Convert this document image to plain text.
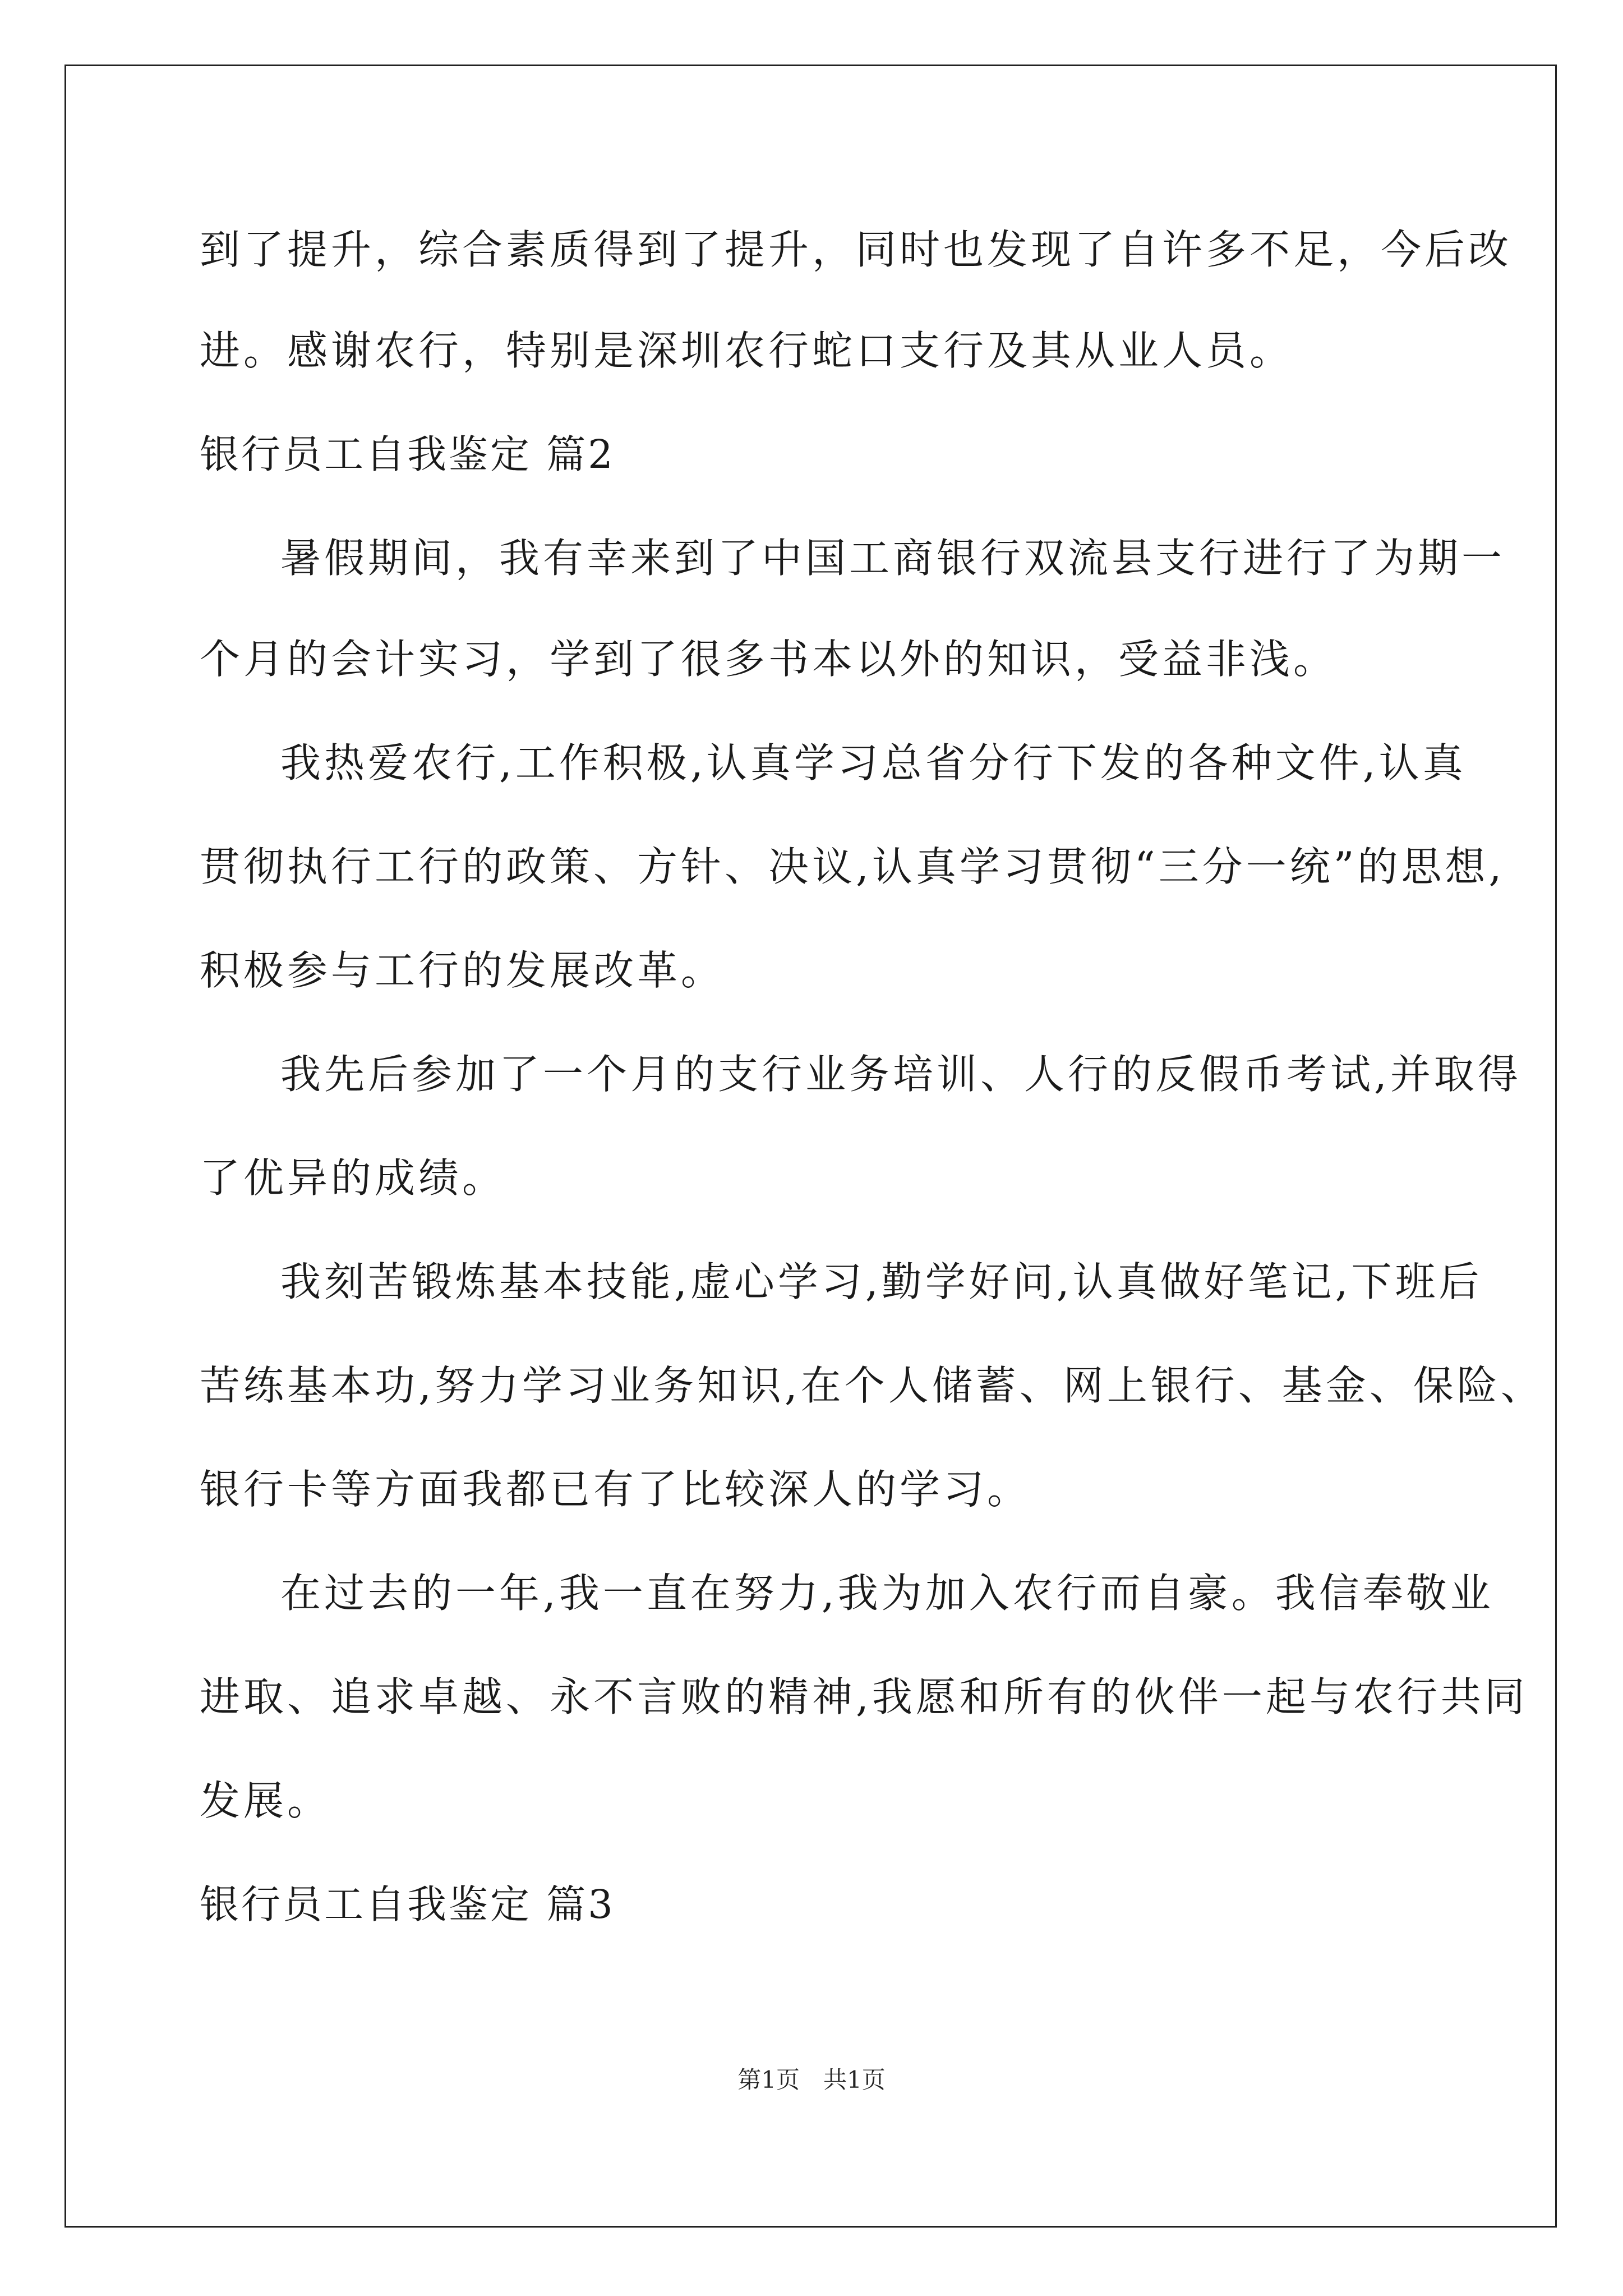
到了提升，综合素质得到了提升，同时也发现了自许多不足，今后改
进。感谢农行，特别是深圳农行蛇口支行及其从业人员。
银行员工自我鉴定 篇2
暑假期间，我有幸来到了中国工商银行双流县支行进行了为期一
个月的会计实习，学到了很多书本以外的知识，受益非浅。
我热爱农行,工作积极,认真学习总省分行下发的各种文件,认真
贯彻执行工行的政策、方针、决议,认真学习贯彻“三分一统”的思想,
积极参与工行的发展改革。
我先后参加了一个月的支行业务培训、人行的反假币考试,并取得
了优异的成绩。
我刻苦锻炼基本技能,虚心学习,勤学好问,认真做好笔记,下班后
苦练基本功,努力学习业务知识,在个人储蓄、网上银行、基金、保险、
银行卡等方面我都已有了比较深人的学习。
在过去的一年,我一直在努力,我为加入农行而自豪。我信奉敬业
进取、追求卓越、永不言败的精神,我愿和所有的伙伴一起与农行共同
发展。
银行员工自我鉴定 篇3
第1页　共1页
